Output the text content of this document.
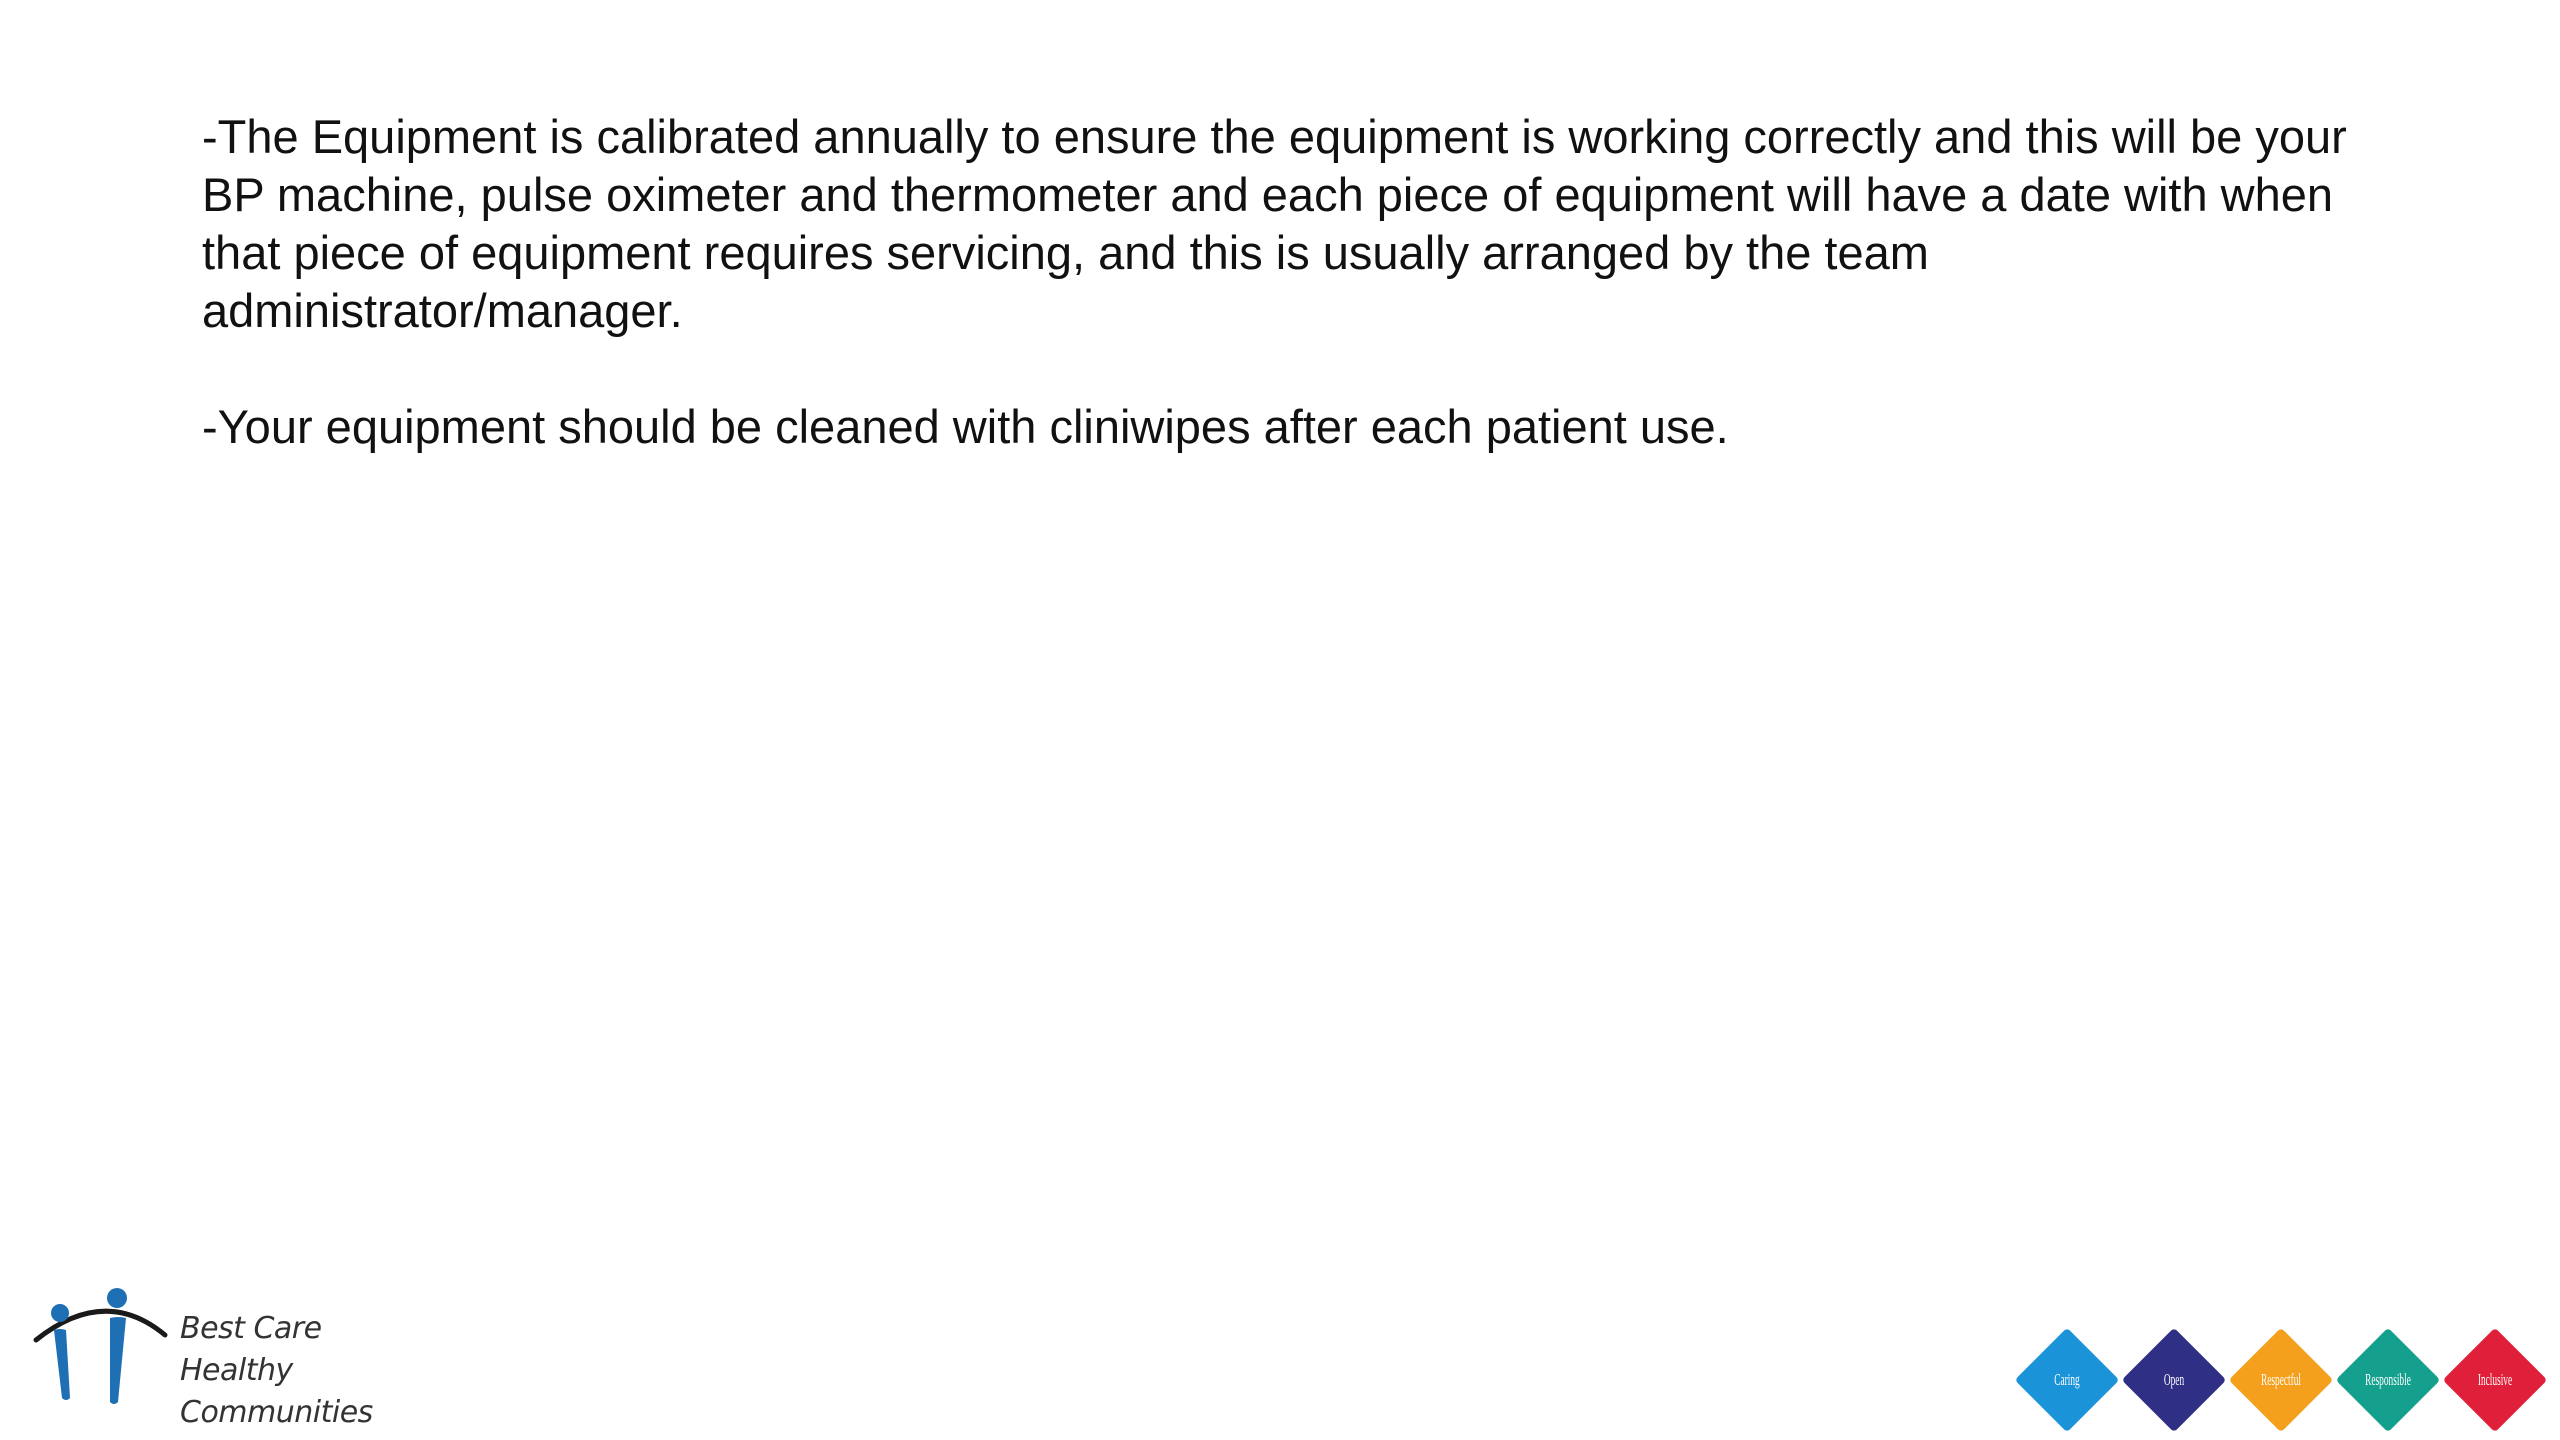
-The Equipment is calibrated annually to ensure the equipment is working correctly and this will be your BP machine, pulse oximeter and thermometer and each piece of equipment will have a date with when that piece of equipment requires servicing, and this is usually arranged by the team administrator/manager.

-Your equipment should be cleaned with cliniwipes after each patient use.

Best Care
Healthy Communities
Caring	Open	Respectful	Responsible	Inclusive
